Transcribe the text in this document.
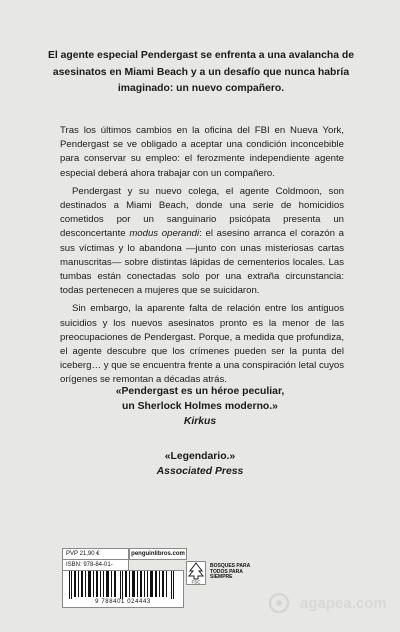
El agente especial Pendergast se enfrenta a una avalancha de asesinatos en Miami Beach y a un desafío que nunca habría imaginado: un nuevo compañero.

Tras los últimos cambios en la oficina del FBI en Nueva York, Pendergast se ve obligado a aceptar una condición inconcebible para conservar su empleo: el ferozmente independiente agente especial deberá ahora trabajar con un compañero.

Pendergast y su nuevo colega, el agente Coldmoon, son destinados a Miami Beach, donde una serie de homicidios cometidos por un sanguinario psicópata presenta un desconcertante modus operandi: el asesino arranca el corazón a sus víctimas y lo abandona —junto con unas misteriosas cartas manuscritas— sobre distintas lápidas de cementerios locales. Las tumbas están conectadas solo por una extraña circunstancia: todas pertenecen a mujeres que se suicidaron.

Sin embargo, la aparente falta de relación entre los antiguos suicidios y los nuevos asesinatos pronto es la menor de las preocupaciones de Pendergast. Porque, a medida que profundiza, el agente descubre que los crímenes pueden ser la punta del iceberg… y que se encuentra frente a una conspiración letal cuyos orígenes se remontan a décadas atrás.

«Pendergast es un héroe peculiar,
un Sherlock Holmes moderno.»
Kirkus
«Legendario.»
Associated Press
PVP 21,90 €
ISBN: 978-84-01-
penguinlibros.com
9 788401 024443
FSC
BOSQUES PARA TODOS PARA SIEMPRE
agapea.com
